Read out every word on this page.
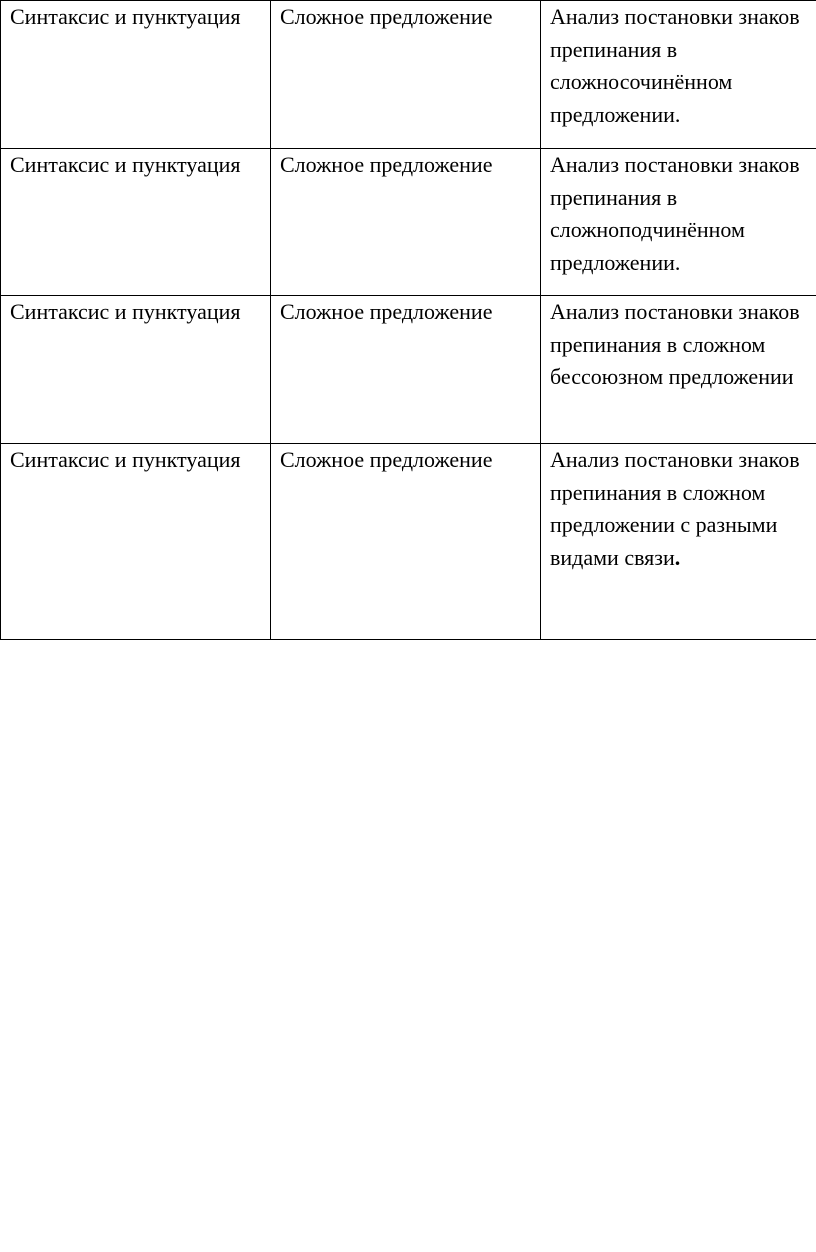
Синтаксис и пунктуация	Сложное предложение	Анализ постановки знаков препинания в сложносочинённом предложении.

Синтаксис и пунктуация	Сложное предложение	Анализ постановки знаков препинания в сложноподчинённом предложении.

Синтаксис и пунктуация	Сложное предложение	Анализ постановки знаков препинания в сложном бессоюзном предложении

Синтаксис и пунктуация	Сложное предложение	Анализ постановки знаков препинания в сложном предложении с разными видами связи.
